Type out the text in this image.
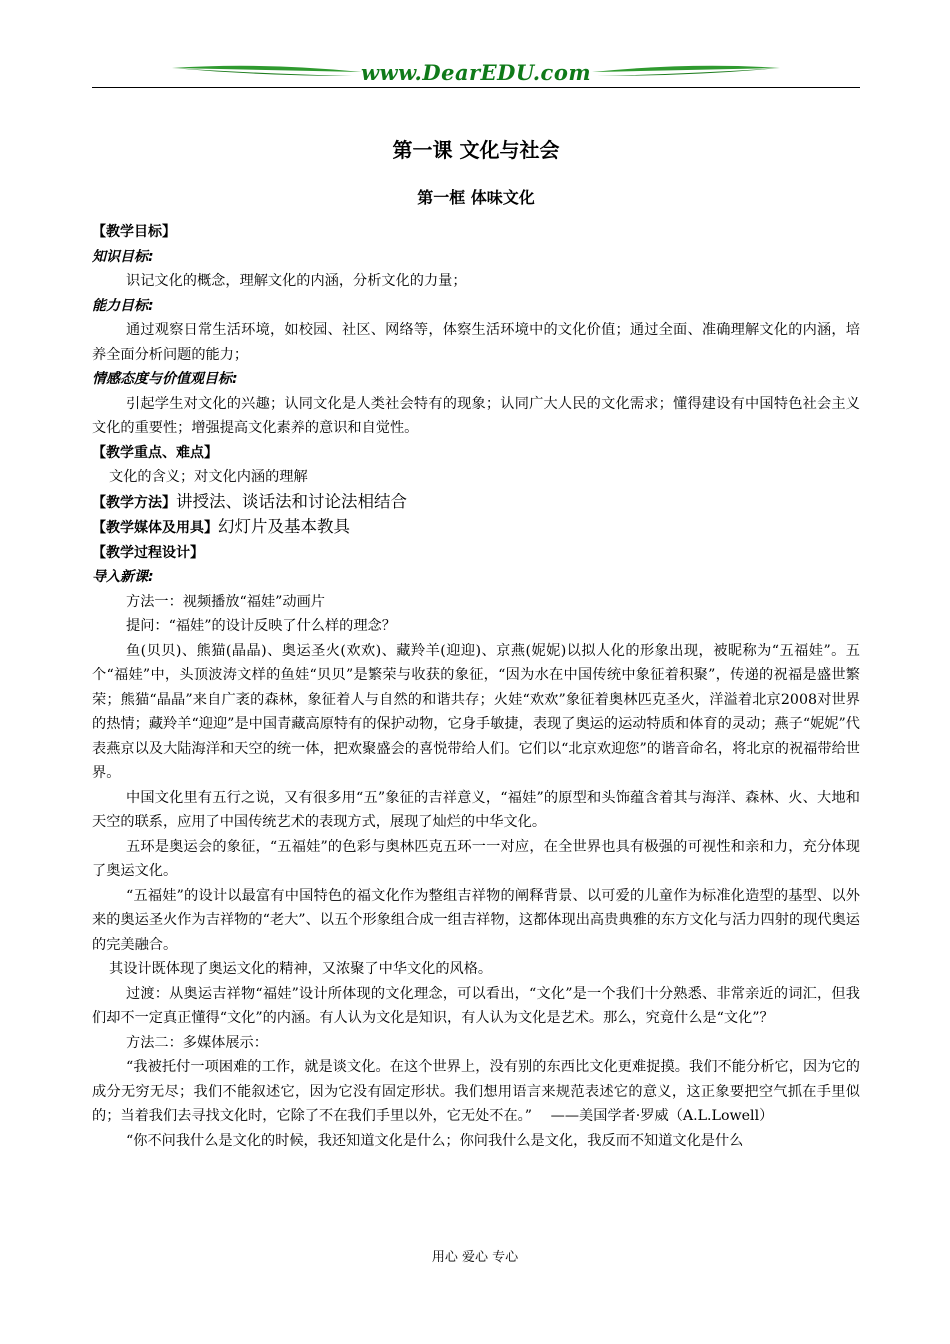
www.DearEDU.com
第一课 文化与社会
第一框 体味文化
【教学目标】
知识目标:

识记文化的概念，理解文化的内涵，分析文化的力量；

能力目标:

通过观察日常生活环境，如校园、社区、网络等，体察生活环境中的文化价值；通过全面、准确理解文化的内涵，培养全面分析问题的能力；

情感态度与价值观目标:

引起学生对文化的兴趣；认同文化是人类社会特有的现象；认同广大人民的文化需求；懂得建设有中国特色社会主义文化的重要性；增强提高文化素养的意识和自觉性。

【教学重点、难点】

文化的含义；对文化内涵的理解

【教学方法】讲授法、谈话法和讨论法相结合
【教学媒体及用具】幻灯片及基本教具
【教学过程设计】
导入新课:

方法一：视频播放“福娃”动画片

提问：“福娃”的设计反映了什么样的理念？

鱼(贝贝)、熊猫(晶晶)、奥运圣火(欢欢)、藏羚羊(迎迎)、京燕(妮妮)以拟人化的形象出现，被昵称为“五福娃”。五个“福娃”中，头顶波涛文样的鱼娃“贝贝”是繁荣与收获的象征，“因为水在中国传统中象征着积聚”，传递的祝福是盛世繁荣；熊猫“晶晶”来自广袤的森林，象征着人与自然的和谐共存；火娃“欢欢”象征着奥林匹克圣火，洋溢着北京2008对世界的热情；藏羚羊“迎迎”是中国青藏高原特有的保护动物，它身手敏捷，表现了奥运的运动特质和体育的灵动；燕子“妮妮”代表燕京以及大陆海洋和天空的统一体，把欢聚盛会的喜悦带给人们。它们以“北京欢迎您”的谐音命名，将北京的祝福带给世界。

中国文化里有五行之说，又有很多用“五”象征的吉祥意义，“福娃”的原型和头饰蕴含着其与海洋、森林、火、大地和天空的联系，应用了中国传统艺术的表现方式，展现了灿烂的中华文化。

五环是奥运会的象征，“五福娃”的色彩与奥林匹克五环一一对应，在全世界也具有极强的可视性和亲和力，充分体现了奥运文化。

“五福娃”的设计以最富有中国特色的福文化作为整组吉祥物的阐释背景、以可爱的儿童作为标准化造型的基型、以外来的奥运圣火作为吉祥物的“老大”、以五个形象组合成一组吉祥物，这都体现出高贵典雅的东方文化与活力四射的现代奥运的完美融合。

其设计既体现了奥运文化的精神，又浓聚了中华文化的风格。

过渡：从奥运吉祥物“福娃”设计所体现的文化理念，可以看出，“文化”是一个我们十分熟悉、非常亲近的词汇，但我们却不一定真正懂得“文化”的内涵。有人认为文化是知识，有人认为文化是艺术。那么，究竟什么是“文化”？

方法二：多媒体展示：

“我被托付一项困难的工作，就是谈文化。在这个世界上，没有别的东西比文化更难捉摸。我们不能分析它，因为它的成分无穷无尽；我们不能叙述它，因为它没有固定形状。我们想用语言来规范表述它的意义，这正象要把空气抓在手里似的；当着我们去寻找文化时，它除了不在我们手里以外，它无处不在。”　 ——美国学者·罗威（A.L.Lowell）

“你不问我什么是文化的时候，我还知道文化是什么；你问我什么是文化，我反而不知道文化是什么

用心 爱心 专心
